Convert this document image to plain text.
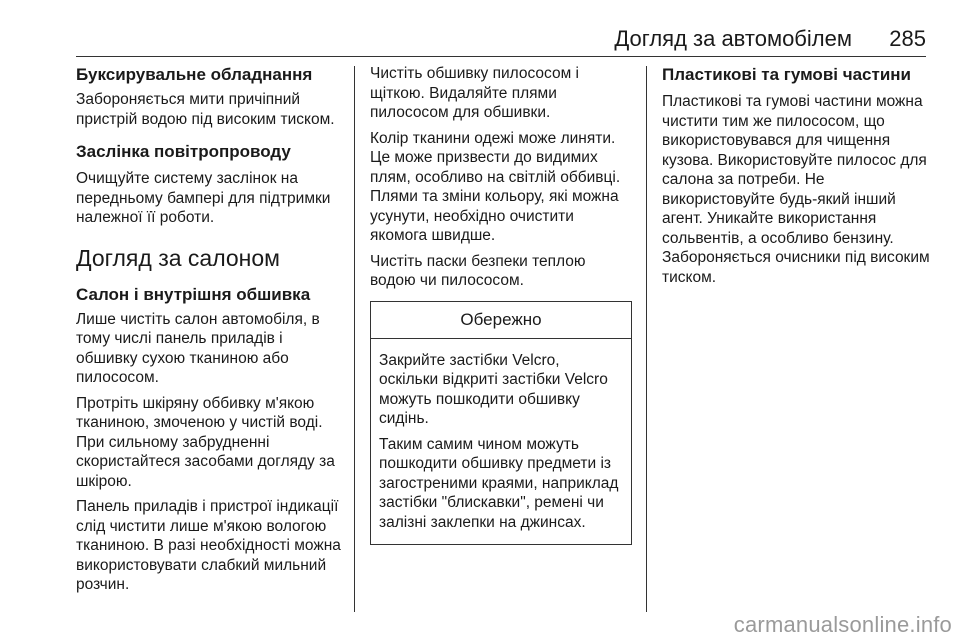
Догляд за автомобілем 285
Буксирувальне обладнання

Забороняється мити причіпний пристрій водою під високим тиском.

Заслінка повітропроводу

Очищуйте систему заслінок на передньому бампері для підтримки належної її роботи.

Догляд за салоном
Салон і внутрішня обшивка

Лише чистіть салон автомобіля, в тому числі панель приладів і обшивку сухою тканиною або пилососом.

Протріть шкіряну оббивку м'якою тканиною, змоченою у чистій воді. При сильному забрудненні скористайтеся засобами догляду за шкірою.

Панель приладів і пристрої індикації слід чистити лише м'якою вологою тканиною. В разі необхідності можна використовувати слабкий мильний розчин.

Чистіть обшивку пилососом і щіткою. Видаляйте плями пилососом для обшивки.

Колір тканини одежі може линяти. Це може призвести до видимих плям, особливо на світлій оббивці. Плями та зміни кольору, які можна усунути, необхідно очистити якомога швидше.

Чистіть паски безпеки теплою водою чи пилососом.

Обережно

Закрийте застібки Velcro, оскільки відкриті застібки Velcro можуть пошкодити обшивку сидінь.

Таким самим чином можуть пошкодити обшивку предмети із загостреними краями, наприклад застібки "блискавки", ремені чи залізні заклепки на джинсах.

Пластикові та гумові частини

Пластикові та гумові частини можна чистити тим же пилососом, що використовувався для чищення кузова. Використовуйте пилосос для салона за потреби. Не використовуйте будь-який інший агент. Уникайте використання сольвентів, а особливо бензину. Забороняється очисники під високим тиском.

carmanualsonline.info
